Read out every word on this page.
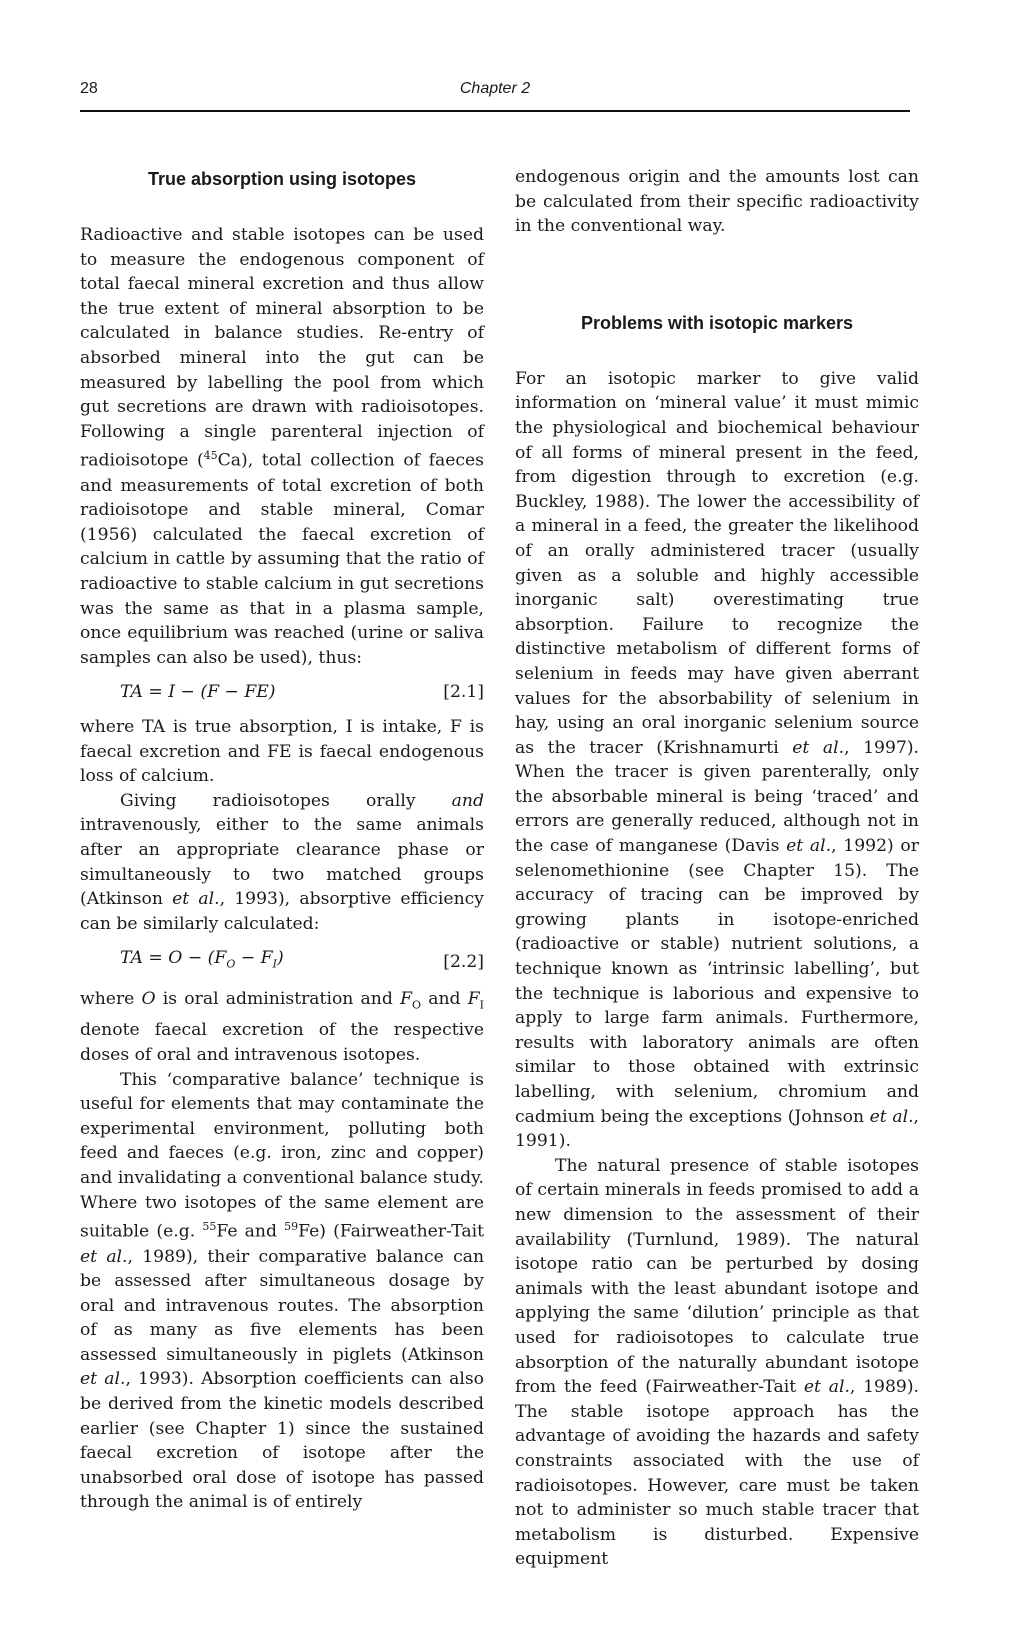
28	Chapter 2
True absorption using isotopes

Radioactive and stable isotopes can be used to measure the endogenous component of total faecal mineral excretion and thus allow the true extent of mineral absorption to be calculated in balance studies. Re-entry of absorbed mineral into the gut can be measured by labelling the pool from which gut secretions are drawn with radioisotopes. Following a single parenteral injection of radioisotope ($^{45}$Ca), total collection of faeces and measurements of total excretion of both radioisotope and stable mineral, Comar (1956) calculated the faecal excretion of calcium in cattle by assuming that the ratio of radioactive to stable calcium in gut secretions was the same as that in a plasma sample, once equilibrium was reached (urine or saliva samples can also be used), thus:

TA = I − (F − FE)	[2.1]

where TA is true absorption, I is intake, F is faecal excretion and FE is faecal endogenous loss of calcium.

Giving radioisotopes orally and intravenously, either to the same animals after an appropriate clearance phase or simultaneously to two matched groups (Atkinson et al., 1993), absorptive efficiency can be similarly calculated:

TA = $O - (F_O - F_I)$	[2.2]

where O is oral administration and $F_O$ and $F_I$ denote faecal excretion of the respective doses of oral and intravenous isotopes.

This ‘comparative balance’ technique is useful for elements that may contaminate the experimental environment, polluting both feed and faeces (e.g. iron, zinc and copper) and invalidating a conventional balance study. Where two isotopes of the same element are suitable (e.g. $^{55}$Fe and $^{59}$Fe) (Fairweather-Tait et al., 1989), their comparative balance can be assessed after simultaneous dosage by oral and intravenous routes. The absorption of as many as five elements has been assessed simultaneously in piglets (Atkinson et al., 1993). Absorption coefficients can also be derived from the kinetic models described earlier (see Chapter 1) since the sustained faecal excretion of isotope after the unabsorbed oral dose of isotope has passed through the animal is of entirely

endogenous origin and the amounts lost can be calculated from their specific radioactivity in the conventional way.

Problems with isotopic markers

For an isotopic marker to give valid information on ‘mineral value’ it must mimic the physiological and biochemical behaviour of all forms of mineral present in the feed, from digestion through to excretion (e.g. Buckley, 1988). The lower the accessibility of a mineral in a feed, the greater the likelihood of an orally administered tracer (usually given as a soluble and highly accessible inorganic salt) overestimating true absorption. Failure to recognize the distinctive metabolism of different forms of selenium in feeds may have given aberrant values for the absorbability of selenium in hay, using an oral inorganic selenium source as the tracer (Krishnamurti et al., 1997). When the tracer is given parenterally, only the absorbable mineral is being ‘traced’ and errors are generally reduced, although not in the case of manganese (Davis et al., 1992) or selenomethionine (see Chapter 15). The accuracy of tracing can be improved by growing plants in isotope-enriched (radioactive or stable) nutrient solutions, a technique known as ‘intrinsic labelling’, but the technique is laborious and expensive to apply to large farm animals. Furthermore, results with laboratory animals are often similar to those obtained with extrinsic labelling, with selenium, chromium and cadmium being the exceptions (Johnson et al., 1991).

The natural presence of stable isotopes of certain minerals in feeds promised to add a new dimension to the assessment of their availability (Turnlund, 1989). The natural isotope ratio can be perturbed by dosing animals with the least abundant isotope and applying the same ‘dilution’ principle as that used for radioisotopes to calculate true absorption of the naturally abundant isotope from the feed (Fairweather-Tait et al., 1989). The stable isotope approach has the advantage of avoiding the hazards and safety constraints associated with the use of radioisotopes. However, care must be taken not to administer so much stable tracer that metabolism is disturbed. Expensive equipment
